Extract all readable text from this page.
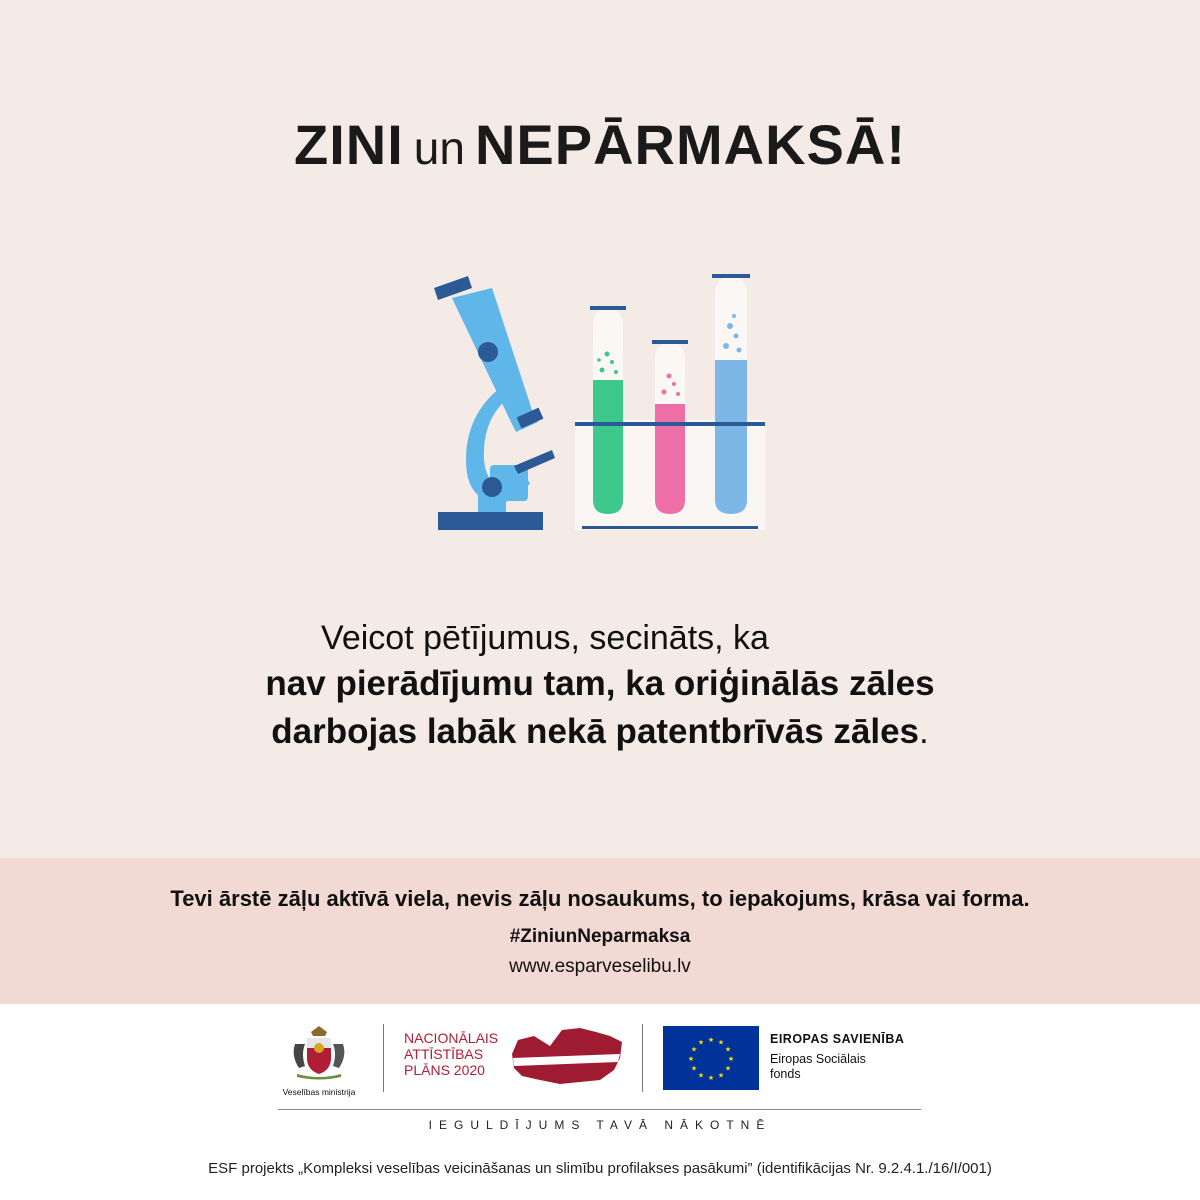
ZINI un NEPĀRMAKSĀ!
Veicot pētījumus, secināts, ka
nav pierādījumu tam, ka oriģinālās zāles
darbojas labāk nekā patentbrīvās zāles.
Tevi ārstē zāļu aktīvā viela, nevis zāļu nosaukums, to iepakojums, krāsa vai forma.
#ZiniunNeparmaksa
www.esparveselibu.lv
Veselības ministrija
NACIONĀLAIS
ATTĪSTĪBAS
PLĀNS 2020
★ ★
★
★
★
★
★
★
★
★
★
★	EIROPAS SAVIENĪBA
Eiropas Sociālais
fonds
IEGULDĪJUMS TAVĀ NĀKOTNĒ
ESF projekts „Kompleksi veselības veicināšanas un slimību profilakses pasākumi” (identifikācijas Nr. 9.2.4.1./16/I/001)
